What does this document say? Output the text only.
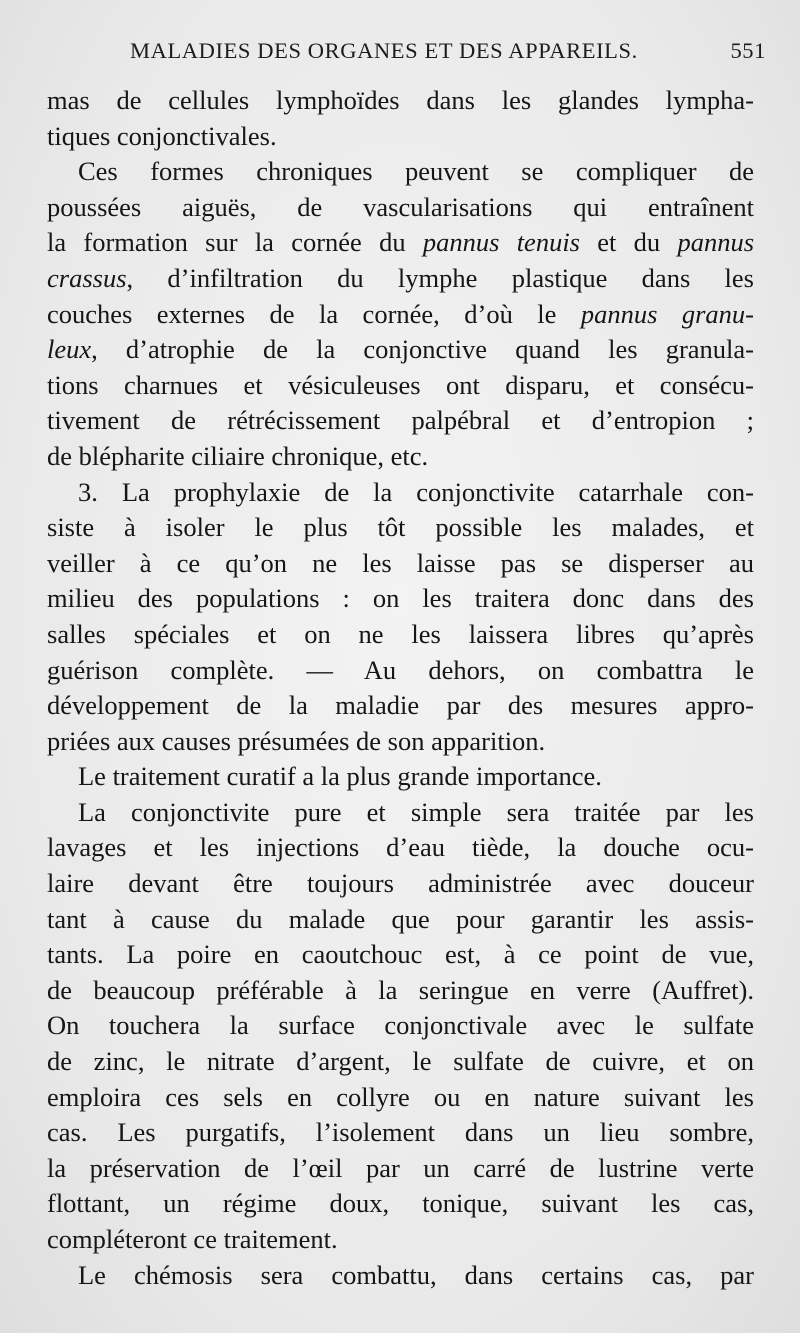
MALADIES DES ORGANES ET DES APPAREILS.	551
mas de cellules lymphoïdes dans les glandes lympha-
tiques conjonctivales.
Ces formes chroniques peuvent se compliquer de
poussées aiguës, de vascularisations qui entraînent
la formation sur la cornée du pannus tenuis et du pannus
crassus, d’infiltration du lymphe plastique dans les
couches externes de la cornée, d’où le pannus granu-
leux, d’atrophie de la conjonctive quand les granula-
tions charnues et vésiculeuses ont disparu, et consécu-
tivement de rétrécissement palpébral et d’entropion ;
de blépharite ciliaire chronique, etc.
3. La prophylaxie de la conjonctivite catarrhale con-
siste à isoler le plus tôt possible les malades, et
veiller à ce qu’on ne les laisse pas se disperser au
milieu des populations : on les traitera donc dans des
salles spéciales et on ne les laissera libres qu’après
guérison complète. — Au dehors, on combattra le
développement de la maladie par des mesures appro-
priées aux causes présumées de son apparition.
Le traitement curatif a la plus grande importance.
La conjonctivite pure et simple sera traitée par les
lavages et les injections d’eau tiède, la douche ocu-
laire devant être toujours administrée avec douceur
tant à cause du malade que pour garantir les assis-
tants. La poire en caoutchouc est, à ce point de vue,
de beaucoup préférable à la seringue en verre (Auffret).
On touchera la surface conjonctivale avec le sulfate
de zinc, le nitrate d’argent, le sulfate de cuivre, et on
emploira ces sels en collyre ou en nature suivant les
cas. Les purgatifs, l’isolement dans un lieu sombre,
la préservation de l’œil par un carré de lustrine verte
flottant, un régime doux, tonique, suivant les cas,
compléteront ce traitement.
Le chémosis sera combattu, dans certains cas, par
